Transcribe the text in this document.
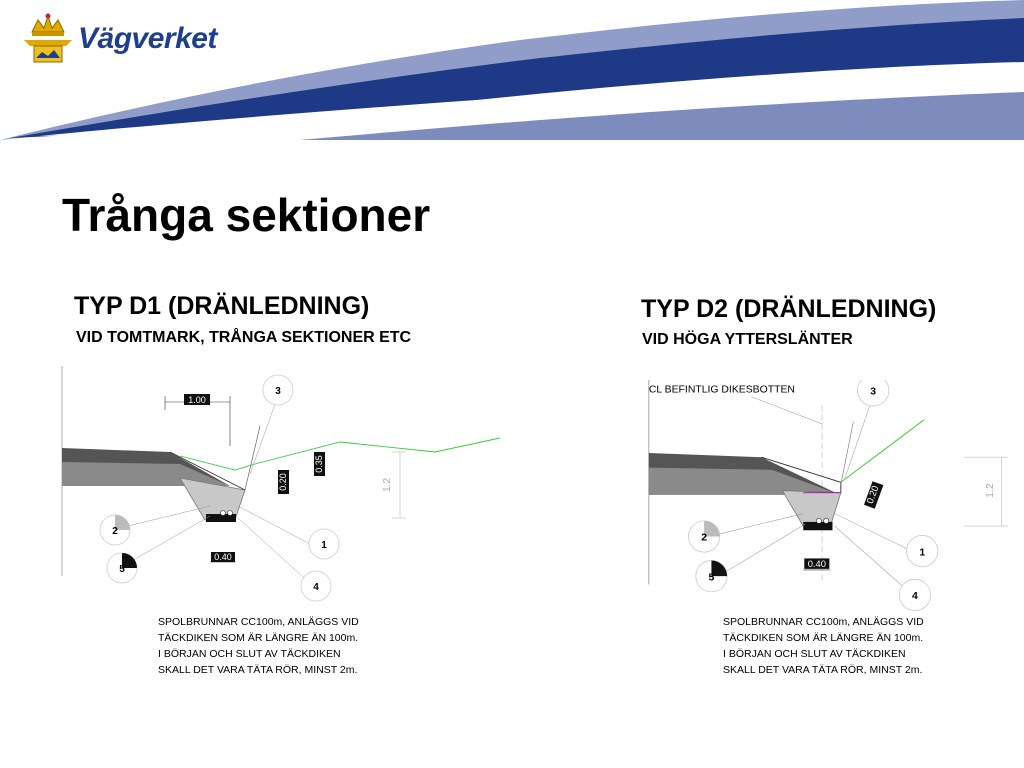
Vägverket
Trånga sektioner
TYP D1 (DRÄNLEDNING)
VID TOMTMARK, TRÅNGA SEKTIONER ETC
1.00
0.20
0.35
1.2
0.40
3
2
5
1
4
SPOLBRUNNAR CC100m, ANLÄGGS VID
TÄCKDIKEN SOM ÄR LÄNGRE ÄN 100m.
I BÖRJAN OCH SLUT AV TÄCKDIKEN
SKALL DET VARA TÄTA RÖR, MINST 2m.
TYP D2 (DRÄNLEDNING)
VID HÖGA YTTERSLÄNTER
CL BEFINTLIG DIKESBOTTEN
0.20	1.2
0.40
3
2
5
1
4
SPOLBRUNNAR CC100m, ANLÄGGS VID
TÄCKDIKEN SOM ÄR LÄNGRE ÄN 100m.
I BÖRJAN OCH SLUT AV TÄCKDIKEN
SKALL DET VARA TÄTA RÖR, MINST 2m.
